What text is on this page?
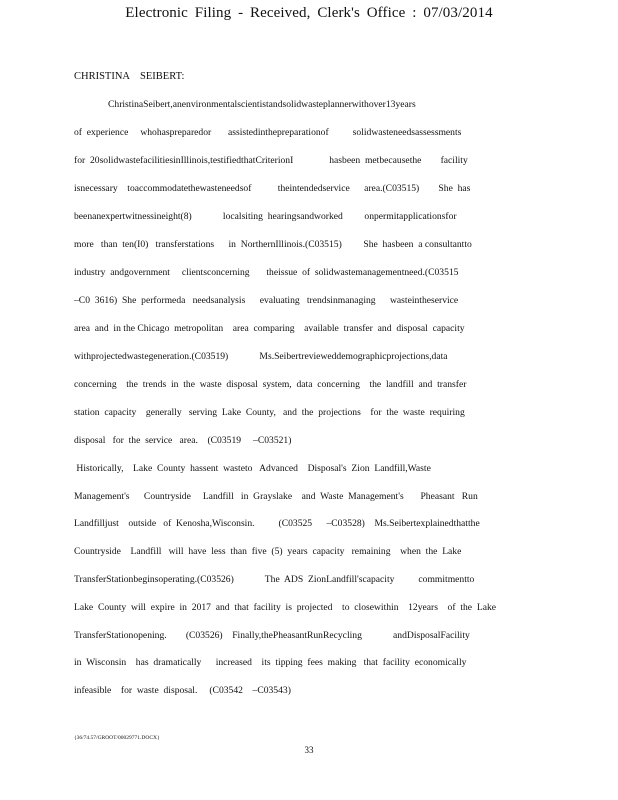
Electronic Filing - Received, Clerk's Office : 07/03/2014
CHRISTINA SEIBERT:
ChristinaSeibert,anenvironmentalscientistandsolidwasteplannerwithover13years
of  experience     whohaspreparedor       assistedinthepreparationof          solidwasteneedsassessments
for  20solidwastefacilitiesinIllinois,testifiedthatCriterionI               hasbeen  metbecausethe        facility
isnecessary    toaccommodatethewasteneedsof           theintendedservice      area.(C03515)        She  has
beenanexpertwitnessineight(8)             localsiting  hearingsandworked         onpermitapplicationsfor
more   than  ten(I0)   transferstations      in  NorthernIllinois.(C03515)         She  hasbeen  a consultantto
industry  andgovernment     clientsconcerning       theissue  of  solidwastemanagementneed.(C03515
–C0  3616)  She  performeda   needsanalysis      evaluating   trendsinmanaging      wasteintheservice
area  and  in the Chicago  metropolitan    area  comparing    available  transfer  and  disposal  capacity
withprojectedwastegeneration.(C03519)             Ms.Seibertrevieweddemographicprojections,data
concerning    the  trends  in  the  waste  disposal  system,  data  concerning    the  landfill  and  transfer
station  capacity    generally   serving  Lake  County,   and  the  projections    for  the  waste  requiring
disposal   for  the  service   area.    (C03519     –C03521)
Historically,    Lake  County  hassent  wasteto   Advanced    Disposal's  Zion  Landfill,Waste
Management's      Countryside     Landfill   in  Grayslake    and  Waste  Management's       Pheasant   Run
Landfilljust    outside   of  Kenosha,Wisconsin.          (C03525      –C03528)    Ms.Seibertexplainedthatthe
Countryside    Landfill   will  have  less  than  five  (5)  years  capacity   remaining    when  the  Lake
TransferStationbeginsoperating.(C03526)             The  ADS  ZionLandfill'scapacity          commitmentto
Lake  County  will  expire  in  2017  and  that  facility  is  projected    to  closewithin    12years    of  the  Lake
TransferStationopening.        (C03526)    Finally,thePheasantRunRecycling             andDisposalFacility
in  Wisconsin    has  dramatically      increased    its  tipping  fees  making   that  facility  economically
infeasible    for  waste  disposal.     (C03542    –C03543)
{36/74.57/GROOT/00029771.DOCX}
33
